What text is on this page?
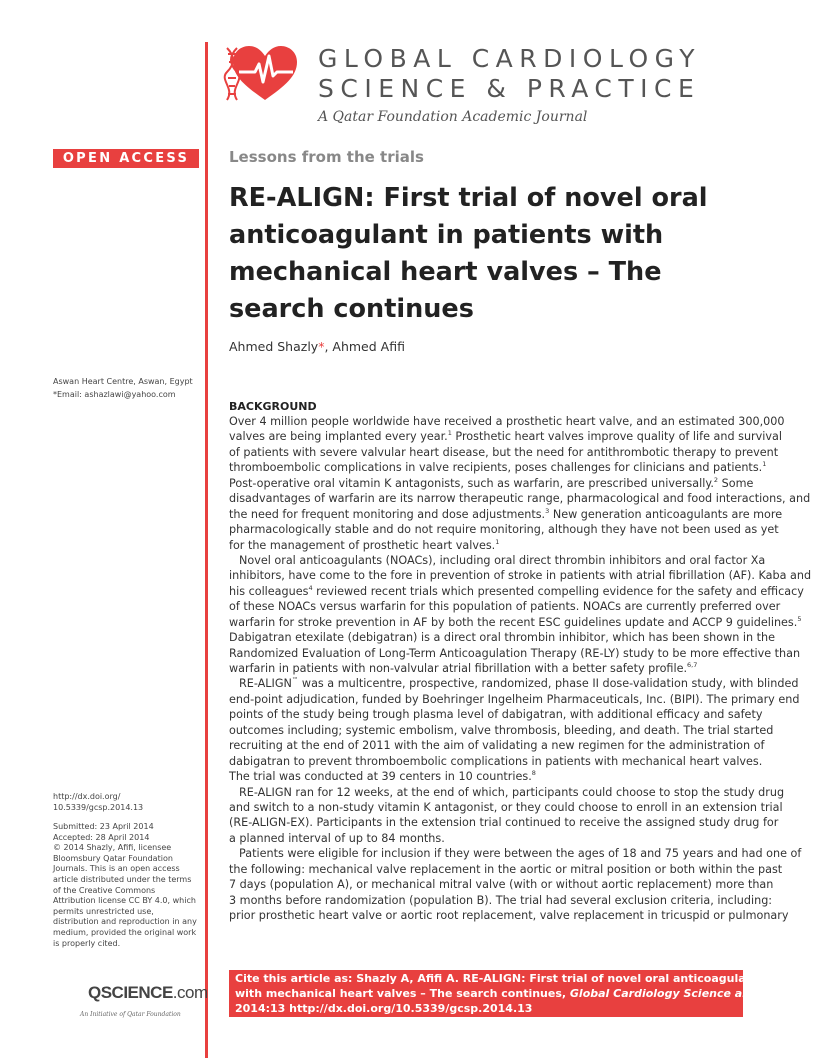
GLOBAL CARDIOLOGY
SCIENCE & PRACTICE
A Qatar Foundation Academic Journal
OPEN ACCESS	Lessons from the trials
RE-ALIGN: First trial of novel oral
anticoagulant in patients with
mechanical heart valves – The
search continues
Ahmed Shazly*, Ahmed Afifi
Aswan Heart Centre, Aswan, Egypt
*Email: ashazlawi@yahoo.com
http://dx.doi.org/
10.5339/gcsp.2014.13
Submitted: 23 April 2014
Accepted: 28 April 2014
© 2014 Shazly, Afifi, licensee
Bloomsbury Qatar Foundation
Journals. This is an open access
article distributed under the terms
of the Creative Commons
Attribution license CC BY 4.0, which
permits unrestricted use,
distribution and reproduction in any
medium, provided the original work
is properly cited.
BACKGROUND
Over 4 million people worldwide have received a prosthetic heart valve, and an estimated 300,000
valves are being implanted every year.$^1$ Prosthetic heart valves improve quality of life and survival
of patients with severe valvular heart disease, but the need for antithrombotic therapy to prevent
thromboembolic complications in valve recipients, poses challenges for clinicians and patients.$^1$
Post-operative oral vitamin K antagonists, such as warfarin, are prescribed universally.$^2$ Some
disadvantages of warfarin are its narrow therapeutic range, pharmacological and food interactions, and
the need for frequent monitoring and dose adjustments.$^3$ New generation anticoagulants are more
pharmacologically stable and do not require monitoring, although they have not been used as yet
for the management of prosthetic heart valves.$^1$
Novel oral anticoagulants (NOACs), including oral direct thrombin inhibitors and oral factor Xa
inhibitors, have come to the fore in prevention of stroke in patients with atrial fibrillation (AF). Kaba and
his colleagues$^4$ reviewed recent trials which presented compelling evidence for the safety and efficacy
of these NOACs versus warfarin for this population of patients. NOACs are currently preferred over
warfarin for stroke prevention in AF by both the recent ESC guidelines update and ACCP 9 guidelines.$^5$
Dabigatran etexilate (debigatran) is a direct oral thrombin inhibitor, which has been shown in the
Randomized Evaluation of Long-Term Anticoagulation Therapy (RE-LY) study to be more effective than
warfarin in patients with non-valvular atrial fibrillation with a better safety profile.$^{6,7}$
RE-ALIGN™ was a multicentre, prospective, randomized, phase II dose-validation study, with blinded
end-point adjudication, funded by Boehringer Ingelheim Pharmaceuticals, Inc. (BIPI). The primary end
points of the study being trough plasma level of dabigatran, with additional efficacy and safety
outcomes including; systemic embolism, valve thrombosis, bleeding, and death. The trial started
recruiting at the end of 2011 with the aim of validating a new regimen for the administration of
dabigatran to prevent thromboembolic complications in patients with mechanical heart valves.
The trial was conducted at 39 centers in 10 countries.$^8$
RE-ALIGN ran for 12 weeks, at the end of which, participants could choose to stop the study drug
and switch to a non-study vitamin K antagonist, or they could choose to enroll in an extension trial
(RE-ALIGN-EX). Participants in the extension trial continued to receive the assigned study drug for
a planned interval of up to 84 months.
Patients were eligible for inclusion if they were between the ages of 18 and 75 years and had one of
the following: mechanical valve replacement in the aortic or mitral position or both within the past
7 days (population A), or mechanical mitral valve (with or without aortic replacement) more than
3 months before randomization (population B). The trial had several exclusion criteria, including:
prior prosthetic heart valve or aortic root replacement, valve replacement in tricuspid or pulmonary
Cite this article as: Shazly A, Afifi A. RE-ALIGN: First trial of novel oral anticoagulant in patients
with mechanical heart valves – The search continues, Global Cardiology Science and Practice
2014:13 http://dx.doi.org/10.5339/gcsp.2014.13
QSCIENCE.com
An Initiative of Qatar Foundation
